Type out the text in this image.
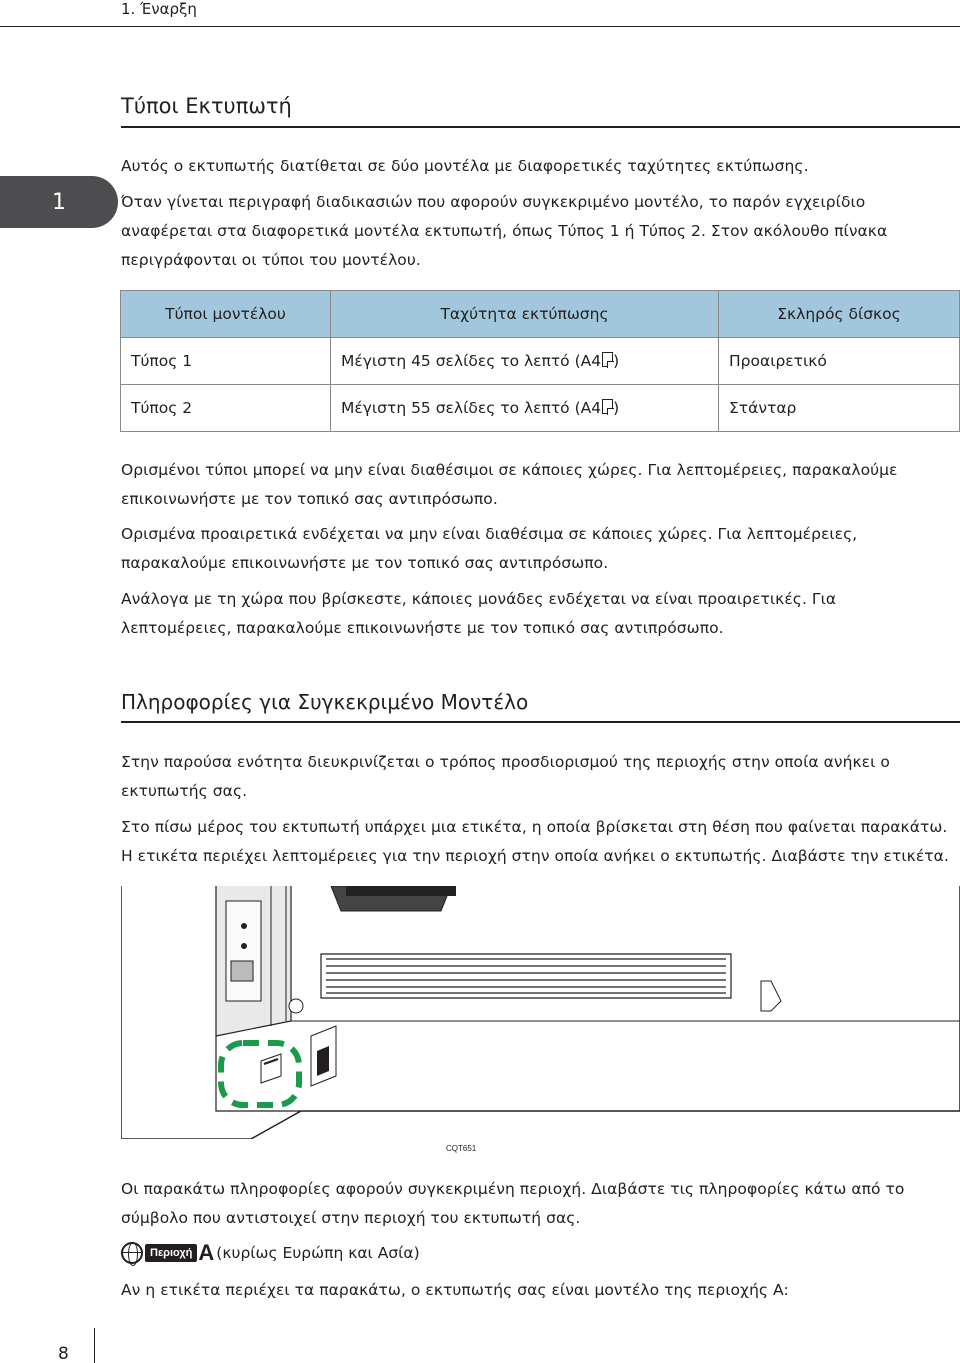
1. Έναρξη
Τύποι Εκτυπωτή
1
Αυτός ο εκτυπωτής διατίθεται σε δύο μοντέλα με διαφορετικές ταχύτητες εκτύπωσης.
Όταν γίνεται περιγραφή διαδικασιών που αφορούν συγκεκριμένο μοντέλο, το παρόν εγχειρίδιο αναφέρεται στα διαφορετικά μοντέλα εκτυπωτή, όπως Τύπος 1 ή Τύπος 2. Στον ακόλουθο πίνακα περιγράφονται οι τύποι του μοντέλου.
Τύποι μοντέλου	Ταχύτητα εκτύπωσης	Σκληρός δίσκος
Τύπος 1	Μέγιστη 45 σελίδες το λεπτό (A4 )	Προαιρετικό
Τύπος 2	Μέγιστη 55 σελίδες το λεπτό (A4 )	Στάνταρ
Ορισμένοι τύποι μπορεί να μην είναι διαθέσιμοι σε κάποιες χώρες. Για λεπτομέρειες, παρακαλούμε επικοινωνήστε με τον τοπικό σας αντιπρόσωπο.
Ορισμένα προαιρετικά ενδέχεται να μην είναι διαθέσιμα σε κάποιες χώρες. Για λεπτομέρειες, παρακαλούμε επικοινωνήστε με τον τοπικό σας αντιπρόσωπο.
Ανάλογα με τη χώρα που βρίσκεστε, κάποιες μονάδες ενδέχεται να είναι προαιρετικές. Για λεπτομέρειες, παρακαλούμε επικοινωνήστε με τον τοπικό σας αντιπρόσωπο.
Πληροφορίες για Συγκεκριμένο Μοντέλο
Στην παρούσα ενότητα διευκρινίζεται ο τρόπος προσδιορισμού της περιοχής στην οποία ανήκει ο εκτυπωτής σας.
Στο πίσω μέρος του εκτυπωτή υπάρχει μια ετικέτα, η οποία βρίσκεται στη θέση που φαίνεται παρακάτω. Η ετικέτα περιέχει λεπτομέρειες για την περιοχή στην οποία ανήκει ο εκτυπωτής. Διαβάστε την ετικέτα.
CQT651
Οι παρακάτω πληροφορίες αφορούν συγκεκριμένη περιοχή. Διαβάστε τις πληροφορίες κάτω από το σύμβολο που αντιστοιχεί στην περιοχή του εκτυπωτή σας.
Περιοχή A (κυρίως Ευρώπη και Ασία)
Αν η ετικέτα περιέχει τα παρακάτω, ο εκτυπωτής σας είναι μοντέλο της περιοχής A:
8
